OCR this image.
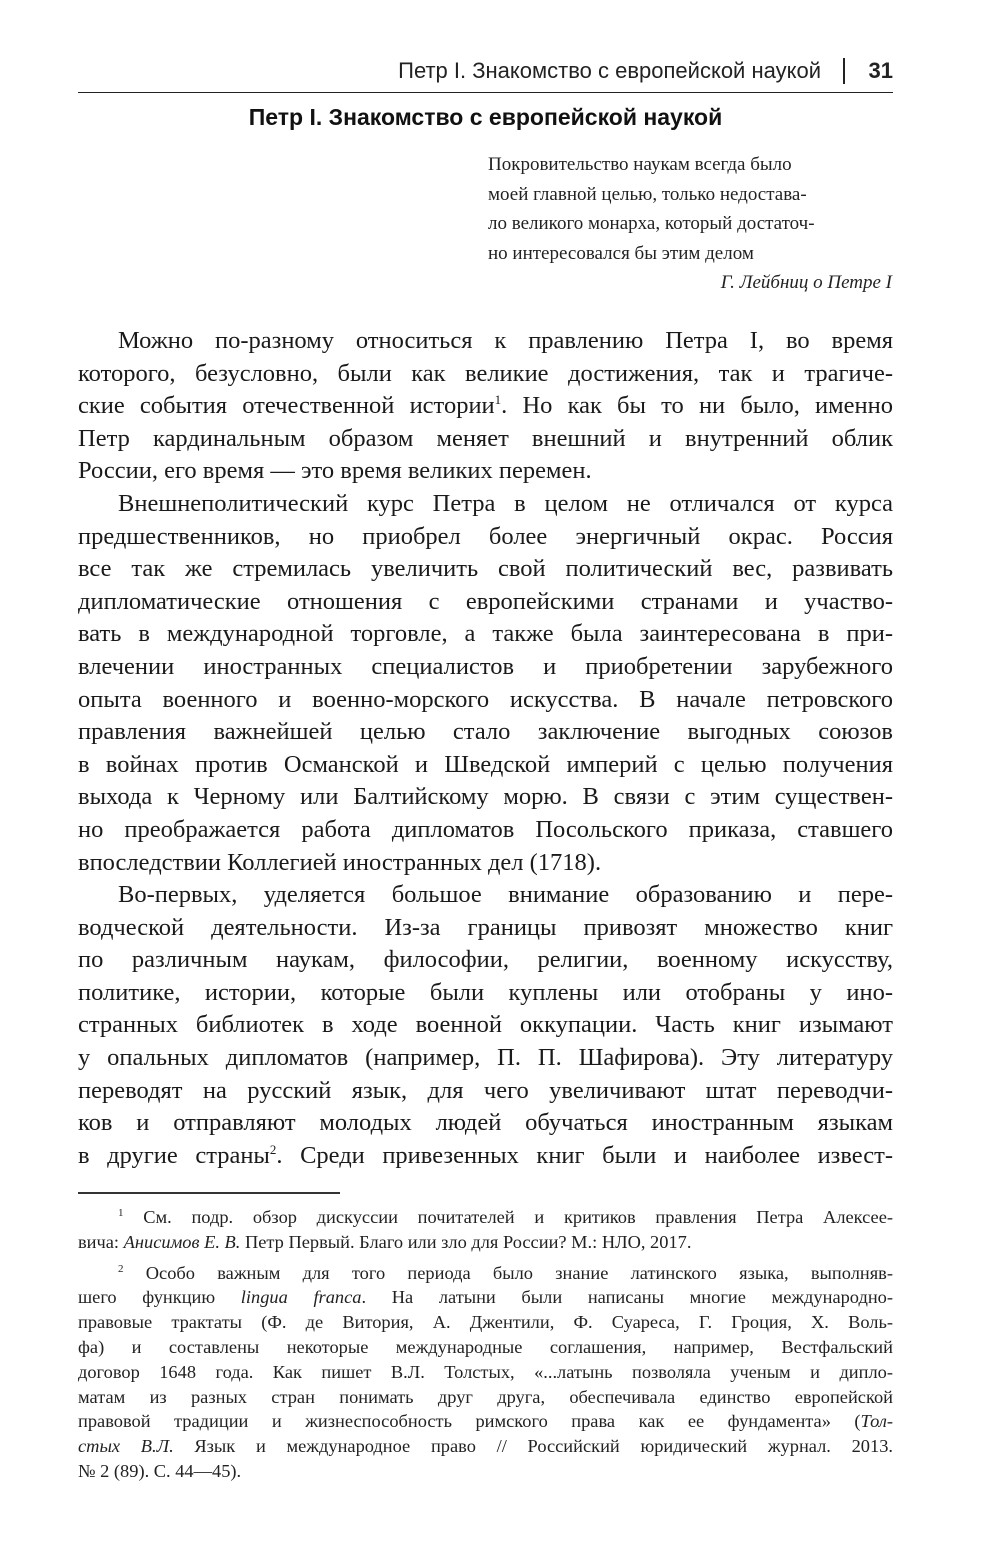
Петр I. Знакомство с европейской наукой 31
Петр I. Знакомство с европейской наукой
Покровительство наукам всегда было
моей главной целью, только недостава-
ло великого монарха, который достаточ-
но интересовался бы этим делом
Г. Лейбниц о Петре I
Можно по-разному относиться к правлению Петра I, во время
которого, безусловно, были как великие достижения, так и трагиче-
ские события отечественной истории$^1$. Но как бы то ни было, именно
Петр кардинальным образом меняет внешний и внутренний облик
России, его время — это время великих перемен.
Внешнеполитический курс Петра в целом не отличался от курса
предшественников, но приобрел более энергичный окрас. Россия
все так же стремилась увеличить свой политический вес, развивать
дипломатические отношения с европейскими странами и участво-
вать в международной торговле, а также была заинтересована в при-
влечении иностранных специалистов и приобретении зарубежного
опыта военного и военно-морского искусства. В начале петровского
правления важнейшей целью стало заключение выгодных союзов
в войнах против Османской и Шведской империй с целью получения
выхода к Черному или Балтийскому морю. В связи с этим существен-
но преображается работа дипломатов Посольского приказа, ставшего
впоследствии Коллегией иностранных дел (1718).
Во-первых, уделяется большое внимание образованию и пере-
водческой деятельности. Из-за границы привозят множество книг
по различным наукам, философии, религии, военному искусству,
политике, истории, которые были куплены или отобраны у ино-
странных библиотек в ходе военной оккупации. Часть книг изымают
у опальных дипломатов (например, П. П. Шафирова). Эту литературу
переводят на русский язык, для чего увеличивают штат переводчи-
ков и отправляют молодых людей обучаться иностранным языкам
в другие страны$^2$. Среди привезенных книг были и наиболее извест-
$^1$ См. подр. обзор дискуссии почитателей и критиков правления Петра Алексее-
вича: Анисимов Е. В. Петр Первый. Благо или зло для России? М.: НЛО, 2017.
$^2$ Особо важным для того периода было знание латинского языка, выполняв-
шего функцию lingua franca. На латыни были написаны многие международно-
правовые трактаты (Ф. де Витория, А. Джентили, Ф. Суареса, Г. Гроция, Х. Воль-
фа) и составлены некоторые международные соглашения, например, Вестфальский
договор 1648 года. Как пишет В.Л. Толстых, «...латынь позволяла ученым и дипло-
матам из разных стран понимать друг друга, обеспечивала единство европейской
правовой традиции и жизнеспособность римского права как ее фундамента» (Тол-
стых В.Л. Язык и международное право // Российский юридический журнал. 2013.
№ 2 (89). С. 44—45).
